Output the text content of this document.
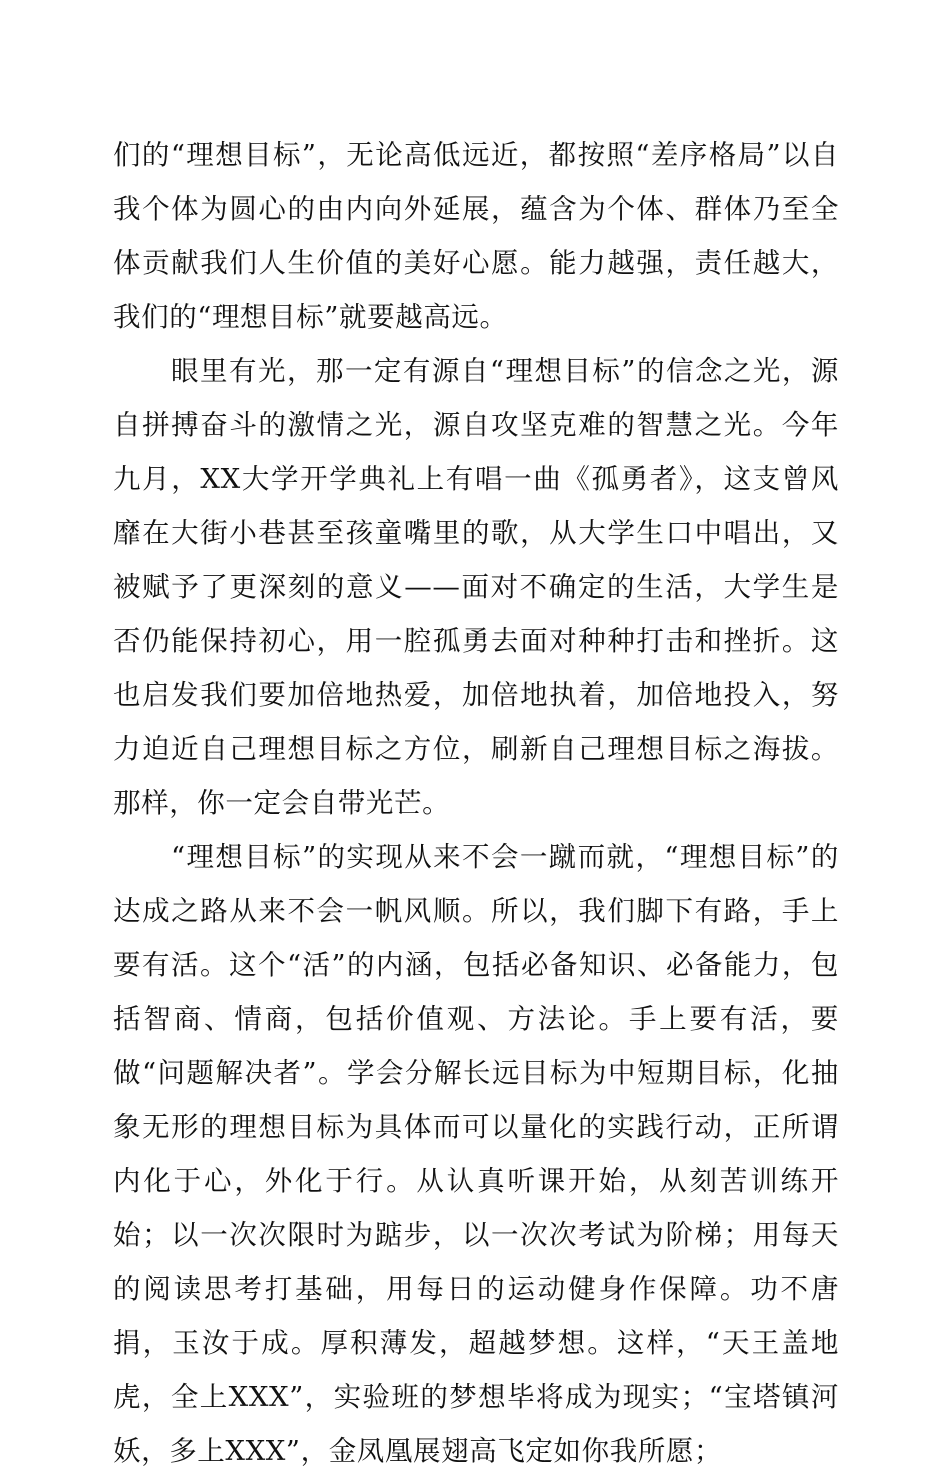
们的“理想目标”，无论高低远近，都按照“差序格局”以自我个体为圆心的由内向外延展，蕴含为个体、群体乃至全体贡献我们人生价值的美好心愿。能力越强，责任越大，我们的“理想目标”就要越高远。

眼里有光，那一定有源自“理想目标”的信念之光，源自拼搏奋斗的激情之光，源自攻坚克难的智慧之光。今年九月，XX大学开学典礼上有唱一曲《孤勇者》，这支曾风靡在大街小巷甚至孩童嘴里的歌，从大学生口中唱出，又被赋予了更深刻的意义——面对不确定的生活，大学生是否仍能保持初心，用一腔孤勇去面对种种打击和挫折。这也启发我们要加倍地热爱，加倍地执着，加倍地投入，努力迫近自己理想目标之方位，刷新自己理想目标之海拔。那样，你一定会自带光芒。

“理想目标”的实现从来不会一蹴而就，“理想目标”的达成之路从来不会一帆风顺。所以，我们脚下有路，手上要有活。这个“活”的内涵，包括必备知识、必备能力，包括智商、情商，包括价值观、方法论。手上要有活，要做“问题解决者”。学会分解长远目标为中短期目标，化抽象无形的理想目标为具体而可以量化的实践行动，正所谓内化于心，外化于行。从认真听课开始，从刻苦训练开始；以一次次限时为踮步，以一次次考试为阶梯；用每天的阅读思考打基础，用每日的运动健身作保障。功不唐捐，玉汝于成。厚积薄发，超越梦想。这样，“天王盖地虎，全上XXX”，实验班的梦想毕将成为现实；“宝塔镇河妖，多上XXX”，金凤凰展翅高飞定如你我所愿；
